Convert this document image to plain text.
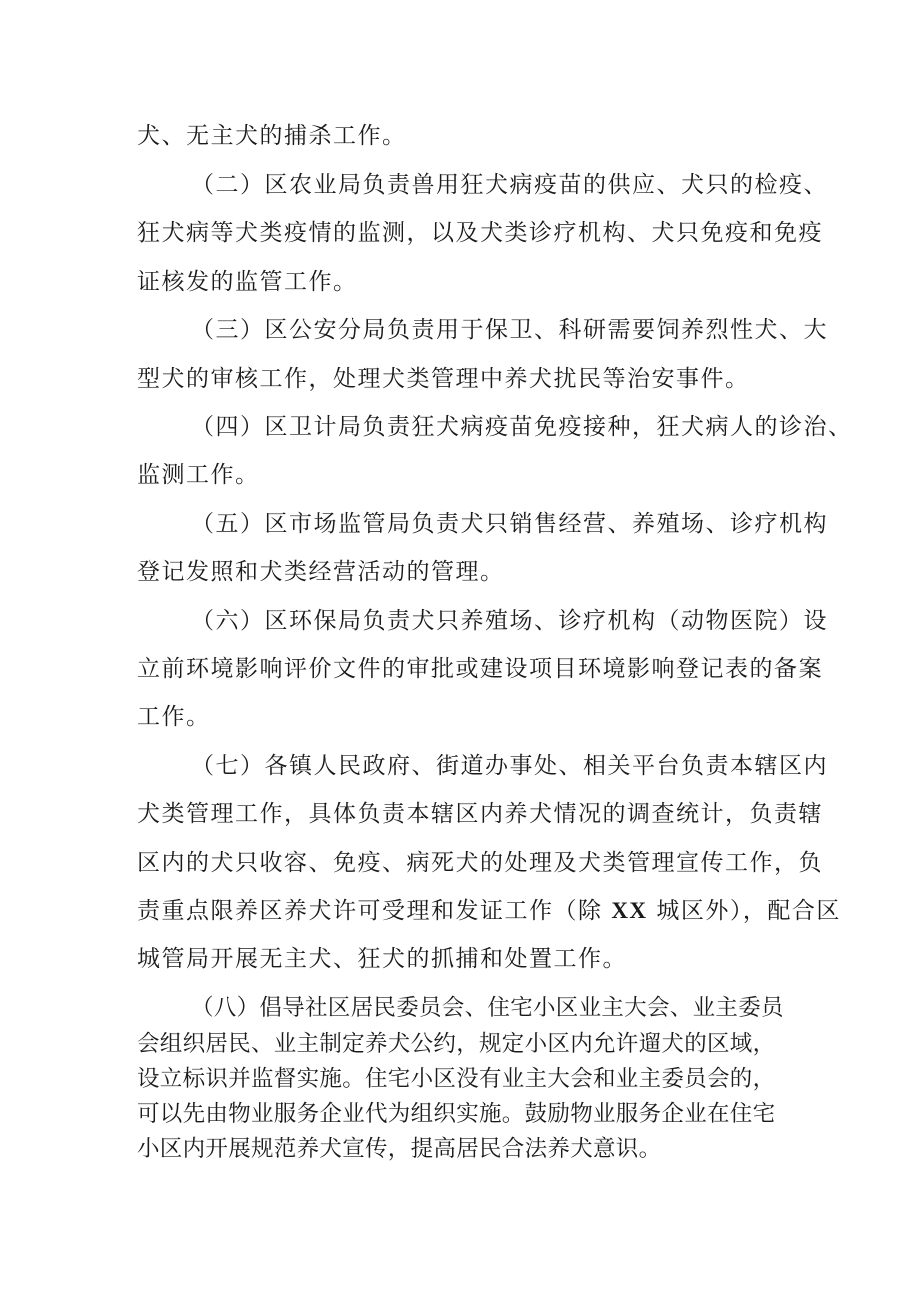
犬、无主犬的捕杀工作。

（二）区农业局负责兽用狂犬病疫苗的供应、犬只的检疫、

狂犬病等犬类疫情的监测，以及犬类诊疗机构、犬只免疫和免疫

证核发的监管工作。

（三）区公安分局负责用于保卫、科研需要饲养烈性犬、大

型犬的审核工作，处理犬类管理中养犬扰民等治安事件。

（四）区卫计局负责狂犬病疫苗免疫接种，狂犬病人的诊治、

监测工作。

（五）区市场监管局负责犬只销售经营、养殖场、诊疗机构

登记发照和犬类经营活动的管理。

（六）区环保局负责犬只养殖场、诊疗机构（动物医院）设

立前环境影响评价文件的审批或建设项目环境影响登记表的备案

工作。

（七）各镇人民政府、街道办事处、相关平台负责本辖区内

犬类管理工作，具体负责本辖区内养犬情况的调查统计，负责辖

区内的犬只收容、免疫、病死犬的处理及犬类管理宣传工作，负

责重点限养区养犬许可受理和发证工作（除 XX 城区外），配合区

城管局开展无主犬、狂犬的抓捕和处置工作。

（八）倡导社区居民委员会、住宅小区业主大会、业主委员

会组织居民、业主制定养犬公约，规定小区内允许遛犬的区域，

设立标识并监督实施。住宅小区没有业主大会和业主委员会的，

可以先由物业服务企业代为组织实施。鼓励物业服务企业在住宅

小区内开展规范养犬宣传，提高居民合法养犬意识。
